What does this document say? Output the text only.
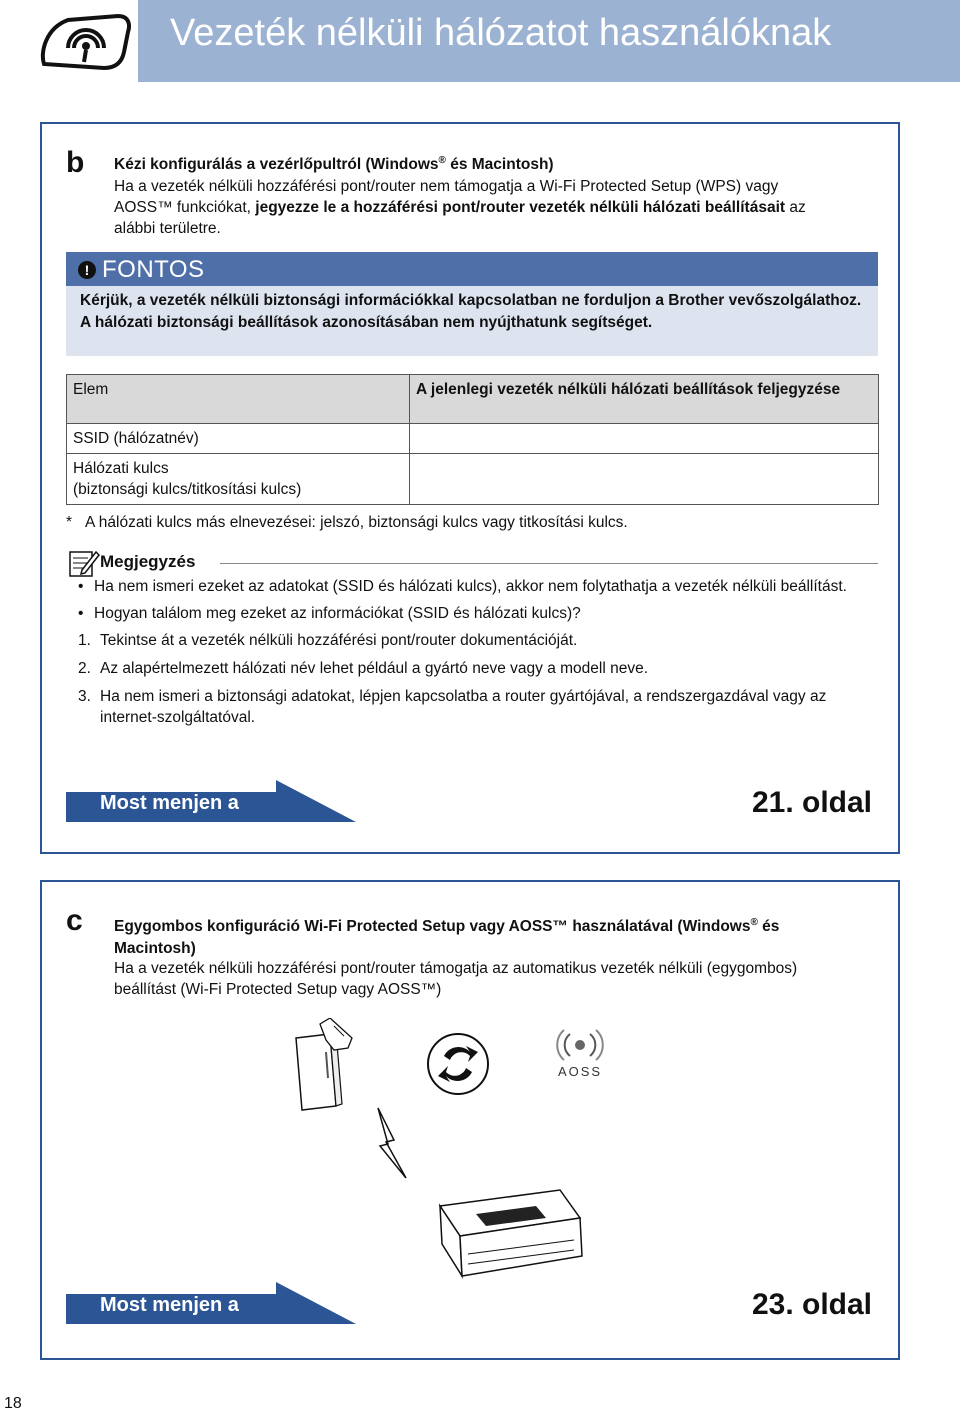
Vezeték nélküli hálózatot használóknak
b Kézi konfigurálás a vezérlőpultról (Windows® és Macintosh)
Ha a vezeték nélküli hozzáférési pont/router nem támogatja a Wi-Fi Protected Setup (WPS) vagy
AOSS™ funkciókat, jegyezze le a hozzáférési pont/router vezeték nélküli hálózati beállításait az
alábbi területre.
! FONTOS
Kérjük, a vezeték nélküli biztonsági információkkal kapcsolatban ne forduljon a Brother vevőszolgálathoz. A hálózati biztonsági beállítások azonosításában nem nyújthatunk segítséget.
Elem	A jelenlegi vezeték nélküli hálózati beállítások feljegyzése
SSID (hálózatnév)	

Hálózati kulcs
(biztonsági kulcs/titkosítási kulcs)	

* A hálózati kulcs más elnevezései: jelszó, biztonsági kulcs vagy titkosítási kulcs.
Megjegyzés
• Ha nem ismeri ezeket az adatokat (SSID és hálózati kulcs), akkor nem folytathatja a vezeték nélküli beállítást.
• Hogyan találom meg ezeket az információkat (SSID és hálózati kulcs)?
1. Tekintse át a vezeték nélküli hozzáférési pont/router dokumentációját.
2. Az alapértelmezett hálózati név lehet például a gyártó neve vagy a modell neve.
3. Ha nem ismeri a biztonsági adatokat, lépjen kapcsolatba a router gyártójával, a rendszergazdával vagy az internet-szolgáltatóval.
Most menjen a	21. oldal
c Egygombos konfiguráció Wi-Fi Protected Setup vagy AOSS™ használatával (Windows® és
Macintosh)
Ha a vezeték nélküli hozzáférési pont/router támogatja az automatikus vezeték nélküli (egygombos)
beállítást (Wi-Fi Protected Setup vagy AOSS™)
Most menjen a	23. oldal
AOSS
18
